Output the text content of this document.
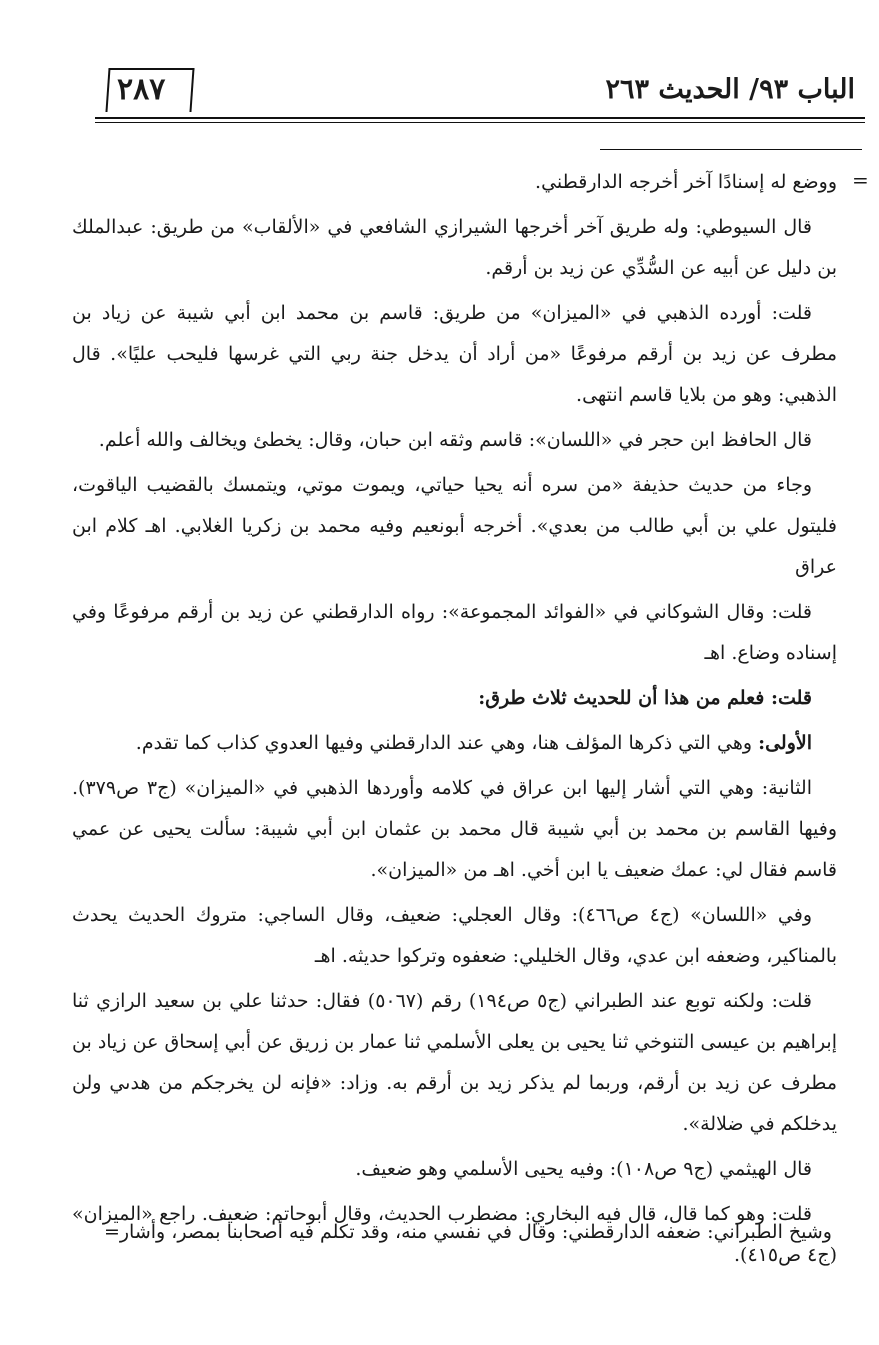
٢٨٧	الباب ٩٣/ الحديث ٢٦٣
=

ووضع له إسنادًا آخر أخرجه الدارقطني.

قال السيوطي: وله طريق آخر أخرجها الشيرازي الشافعي في «الألقاب» من طريق: عبدالملك بن دليل عن أبيه عن السُّدِّي عن زيد بن أرقم.

قلت: أورده الذهبي في «الميزان» من طريق: قاسم بن محمد ابن أبي شيبة عن زياد بن مطرف عن زيد بن أرقم مرفوعًا «من أراد أن يدخل جنة ربي التي غرسها فليحب عليًا». قال الذهبي: وهو من بلايا قاسم انتهى.

قال الحافظ ابن حجر في «اللسان»: قاسم وثقه ابن حبان، وقال: يخطئ ويخالف والله أعلم.

وجاء من حديث حذيفة «من سره أنه يحيا حياتي، ويموت موتي، ويتمسك بالقضيب الياقوت، فليتول علي بن أبي طالب من بعدي». أخرجه أبونعيم وفيه محمد بن زكريا الغلابي. اهـ كلام ابن عراق

قلت: وقال الشوكاني في «الفوائد المجموعة»: رواه الدارقطني عن زيد بن أرقم مرفوعًا وفي إسناده وضاع. اهـ

قلت: فعلم من هذا أن للحديث ثلاث طرق:

الأولى: وهي التي ذكرها المؤلف هنا، وهي عند الدارقطني وفيها العدوي كذاب كما تقدم.

الثانية: وهي التي أشار إليها ابن عراق في كلامه وأوردها الذهبي في «الميزان» (ج٣ ص٣٧٩). وفيها القاسم بن محمد بن أبي شيبة قال محمد بن عثمان ابن أبي شيبة: سألت يحيى عن عمي قاسم فقال لي: عمك ضعيف يا ابن أخي. اهـ من «الميزان».

وفي «اللسان» (ج٤ ص٤٦٦): وقال العجلي: ضعيف، وقال الساجي: متروك الحديث يحدث بالمناكير، وضعفه ابن عدي، وقال الخليلي: ضعفوه وتركوا حديثه. اهـ

قلت: ولكنه توبع عند الطبراني (ج٥ ص١٩٤) رقم (٥٠٦٧) فقال: حدثنا علي بن سعيد الرازي ثنا إبراهيم بن عيسى التنوخي ثنا يحيى بن يعلى الأسلمي ثنا عمار بن زريق عن أبي إسحاق عن زياد بن مطرف عن زيد بن أرقم، وربما لم يذكر زيد بن أرقم به. وزاد: «فإنه لن يخرجكم من هدىي ولن يدخلكم في ضلالة».

قال الهيثمي (ج٩ ص١٠٨): وفيه يحيى الأسلمي وهو ضعيف.

قلت: وهو كما قال، قال فيه البخاري: مضطرب الحديث، وقال أبوحاتم: ضعيف. راجع «الميزان» (ج٤ ص٤١٥).

وشيخ الطبراني: ضعفه الدارقطني: وقال في نفسي منه، وقد تكلم فيه أصحابنا بمصر، وأشار=
